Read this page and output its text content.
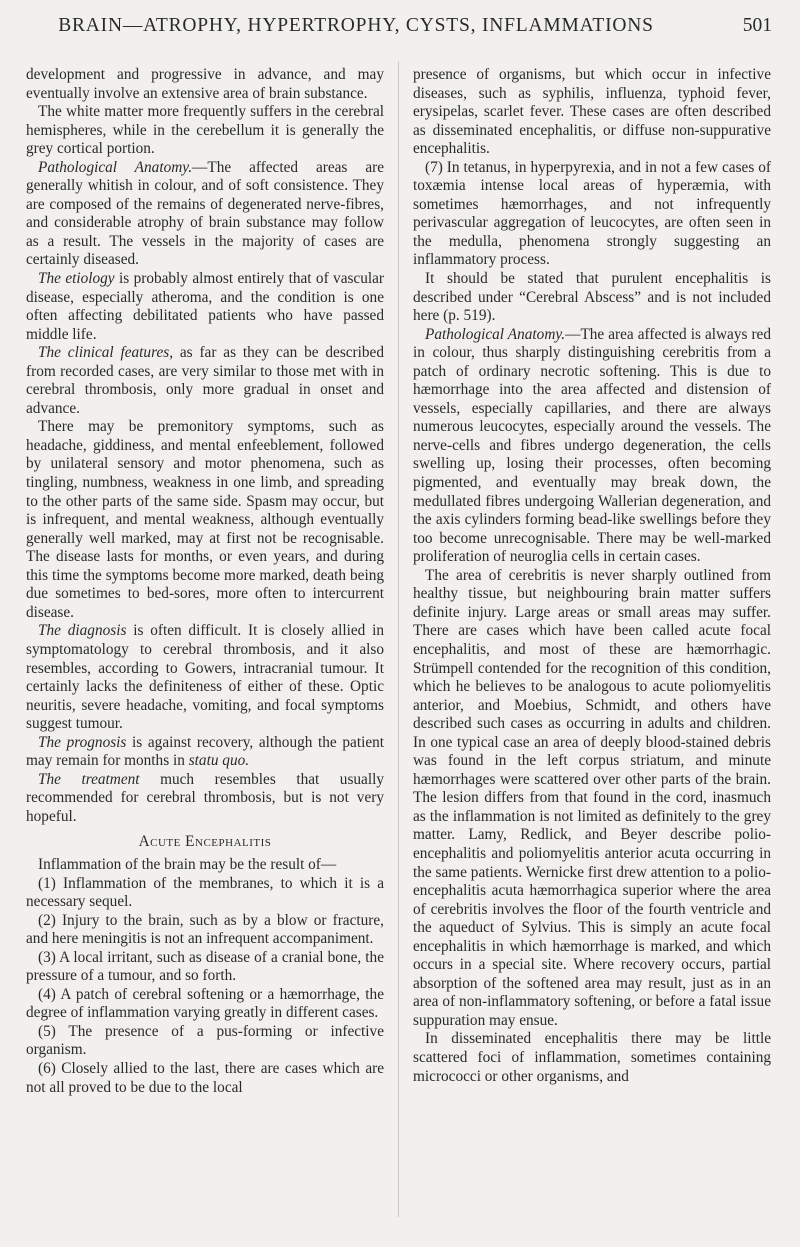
BRAIN—ATROPHY, HYPERTROPHY, CYSTS, INFLAMMATIONS	501

development and progressive in advance, and may eventually involve an extensive area of brain substance.

The white matter more frequently suffers in the cerebral hemispheres, while in the cerebellum it is generally the grey cortical portion.

Pathological Anatomy.—The affected areas are generally whitish in colour, and of soft consistence. They are composed of the remains of degenerated nerve-fibres, and considerable atrophy of brain substance may follow as a result. The vessels in the majority of cases are certainly diseased.

The etiology is probably almost entirely that of vascular disease, especially atheroma, and the condition is one often affecting debilitated patients who have passed middle life.

The clinical features, as far as they can be described from recorded cases, are very similar to those met with in cerebral thrombosis, only more gradual in onset and advance.

There may be premonitory symptoms, such as headache, giddiness, and mental enfeeblement, followed by unilateral sensory and motor phenomena, such as tingling, numbness, weakness in one limb, and spreading to the other parts of the same side. Spasm may occur, but is infrequent, and mental weakness, although eventually generally well marked, may at first not be recognisable. The disease lasts for months, or even years, and during this time the symptoms become more marked, death being due sometimes to bed-sores, more often to intercurrent disease.

The diagnosis is often difficult. It is closely allied in symptomatology to cerebral thrombosis, and it also resembles, according to Gowers, intracranial tumour. It certainly lacks the definiteness of either of these. Optic neuritis, severe headache, vomiting, and focal symptoms suggest tumour.

The prognosis is against recovery, although the patient may remain for months in statu quo.

The treatment much resembles that usually recommended for cerebral thrombosis, but is not very hopeful.

Acute Encephalitis

Inflammation of the brain may be the result of—

(1) Inflammation of the membranes, to which it is a necessary sequel.

(2) Injury to the brain, such as by a blow or fracture, and here meningitis is not an infrequent accompaniment.

(3) A local irritant, such as disease of a cranial bone, the pressure of a tumour, and so forth.

(4) A patch of cerebral softening or a hæmorrhage, the degree of inflammation varying greatly in different cases.

(5) The presence of a pus-forming or infective organism.

(6) Closely allied to the last, there are cases which are not all proved to be due to the local

presence of organisms, but which occur in infective diseases, such as syphilis, influenza, typhoid fever, erysipelas, scarlet fever. These cases are often described as disseminated encephalitis, or diffuse non-suppurative encephalitis.

(7) In tetanus, in hyperpyrexia, and in not a few cases of toxæmia intense local areas of hyperæmia, with sometimes hæmorrhages, and not infrequently perivascular aggregation of leucocytes, are often seen in the medulla, phenomena strongly suggesting an inflammatory process.

It should be stated that purulent encephalitis is described under “Cerebral Abscess” and is not included here (p. 519).

Pathological Anatomy.—The area affected is always red in colour, thus sharply distinguishing cerebritis from a patch of ordinary necrotic softening. This is due to hæmorrhage into the area affected and distension of vessels, especially capillaries, and there are always numerous leucocytes, especially around the vessels. The nerve-cells and fibres undergo degeneration, the cells swelling up, losing their processes, often becoming pigmented, and eventually may break down, the medullated fibres undergoing Wallerian degeneration, and the axis cylinders forming bead-like swellings before they too become unrecognisable. There may be well-marked proliferation of neuroglia cells in certain cases.

The area of cerebritis is never sharply outlined from healthy tissue, but neighbouring brain matter suffers definite injury. Large areas or small areas may suffer. There are cases which have been called acute focal encephalitis, and most of these are hæmorrhagic. Strümpell contended for the recognition of this condition, which he believes to be analogous to acute poliomyelitis anterior, and Moebius, Schmidt, and others have described such cases as occurring in adults and children. In one typical case an area of deeply blood-stained debris was found in the left corpus striatum, and minute hæmorrhages were scattered over other parts of the brain. The lesion differs from that found in the cord, inasmuch as the inflammation is not limited as definitely to the grey matter. Lamy, Redlick, and Beyer describe polio-encephalitis and poliomyelitis anterior acuta occurring in the same patients. Wernicke first drew attention to a polio-encephalitis acuta hæmorrhagica superior where the area of cerebritis involves the floor of the fourth ventricle and the aqueduct of Sylvius. This is simply an acute focal encephalitis in which hæmorrhage is marked, and which occurs in a special site. Where recovery occurs, partial absorption of the softened area may result, just as in an area of non-inflammatory softening, or before a fatal issue suppuration may ensue.

In disseminated encephalitis there may be little scattered foci of inflammation, sometimes containing micrococci or other organisms, and
